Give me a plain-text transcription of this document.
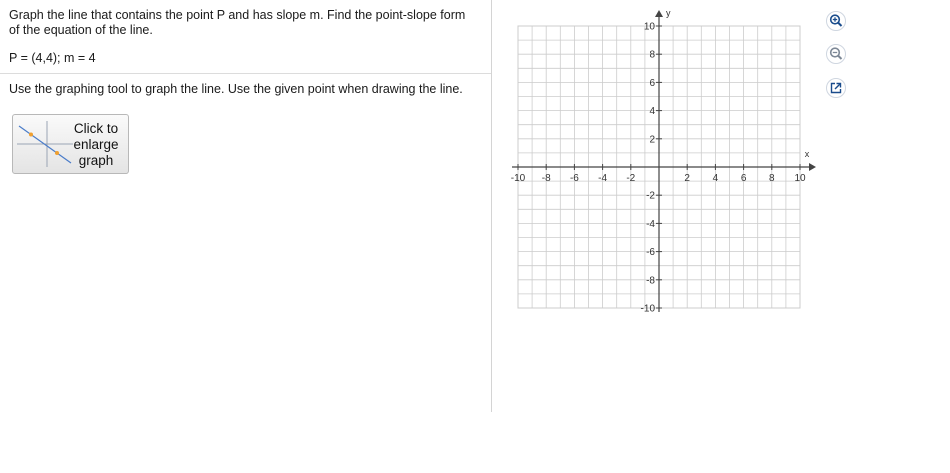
Graph the line that contains the point P and has slope m. Find the point-slope form
of the equation of the line.
P = (4,4); m = 4
Use the graphing tool to graph the line. Use the given point when drawing the line.
Click to
enlarge
graph
-10 -8 -6 -4 -2	2 4 6 8 10
10
8
6
4
2
-2
-4
-6
-8
-10
x
y
